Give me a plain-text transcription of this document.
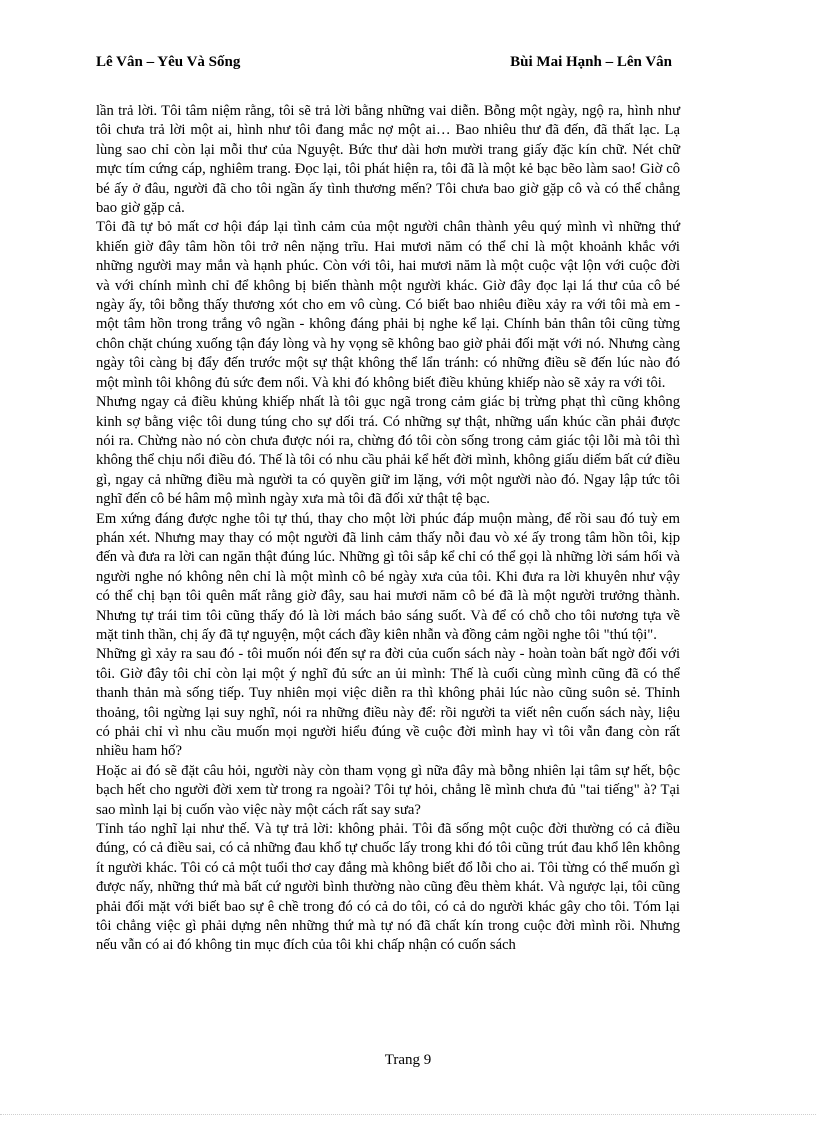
Lê Vân – Yêu Và Sống	Bùi Mai Hạnh – Lên Vân

lần trả lời. Tôi tâm niệm rằng, tôi sẽ trả lời bằng những vai diễn. Bỗng một ngày, ngộ ra, hình như tôi chưa trả lời một ai, hình như tôi đang mắc nợ một ai… Bao nhiêu thư đã đến, đã thất lạc. Lạ lùng sao chỉ còn lại mỗi thư của Nguyệt. Bức thư dài hơn mười trang giấy đặc kín chữ. Nét chữ mực tím cứng cáp, nghiêm trang. Đọc lại, tôi phát hiện ra, tôi đã là một kẻ bạc bẽo làm sao! Giờ cô bé ấy ở đâu, người đã cho tôi ngần ấy tình thương mến? Tôi chưa bao giờ gặp cô và có thể chẳng bao giờ gặp cả.

Tôi đã tự bỏ mất cơ hội đáp lại tình cảm của một người chân thành yêu quý mình vì những thứ khiến giờ đây tâm hồn tôi trở nên nặng trĩu. Hai mươi năm có thể chỉ là một khoảnh khắc với những người may mắn và hạnh phúc. Còn với tôi, hai mươi năm là một cuộc vật lộn với cuộc đời và với chính mình chỉ để không bị biến thành một người khác. Giờ đây đọc lại lá thư của cô bé ngày ấy, tôi bỗng thấy thương xót cho em vô cùng. Có biết bao nhiêu điều xảy ra với tôi mà em - một tâm hồn trong trắng vô ngần - không đáng phải bị nghe kể lại. Chính bản thân tôi cũng từng chôn chặt chúng xuống tận đáy lòng và hy vọng sẽ không bao giờ phải đối mặt với nó. Nhưng càng ngày tôi càng bị đẩy đến trước một sự thật không thể lẩn tránh: có những điều sẽ đến lúc nào đó một mình tôi không đủ sức đem nổi. Và khi đó không biết điều khủng khiếp nào sẽ xảy ra với tôi.

Nhưng ngay cả điều khủng khiếp nhất là tôi gục ngã trong cảm giác bị trừng phạt thì cũng không kinh sợ bằng việc tôi dung túng cho sự dối trá. Có những sự thật, những uẩn khúc cần phải được nói ra. Chừng nào nó còn chưa được nói ra, chừng đó tôi còn sống trong cảm giác tội lỗi mà tôi thì không thể chịu nổi điều đó. Thế là tôi có nhu cầu phải kể hết đời mình, không giấu diếm bất cứ điều gì, ngay cả những điều mà người ta có quyền giữ im lặng, với một người nào đó. Ngay lập tức tôi nghĩ đến cô bé hâm mộ mình ngày xưa mà tôi đã đối xử thật tệ bạc.

Em xứng đáng được nghe tôi tự thú, thay cho một lời phúc đáp muộn màng, để rồi sau đó tuỳ em phán xét. Nhưng may thay có một người đã linh cảm thấy nỗi đau vò xé ấy trong tâm hồn tôi, kịp đến và đưa ra lời can ngăn thật đúng lúc. Những gì tôi sắp kể chỉ có thể gọi là những lời sám hối và người nghe nó không nên chỉ là một mình cô bé ngày xưa của tôi. Khi đưa ra lời khuyên như vậy có thể chị bạn tôi quên mất rằng giờ đây, sau hai mươi năm cô bé đã là một người trưởng thành. Nhưng tự trái tim tôi cũng thấy đó là lời mách bảo sáng suốt. Và để có chỗ cho tôi nương tựa về mặt tinh thần, chị ấy đã tự nguyện, một cách đầy kiên nhẫn và đồng cảm ngồi nghe tôi "thú tội".

Những gì xảy ra sau đó - tôi muốn nói đến sự ra đời của cuốn sách này - hoàn toàn bất ngờ đối với tôi. Giờ đây tôi chỉ còn lại một ý nghĩ đủ sức an ủi mình: Thế là cuối cùng mình cũng đã có thể thanh thản mà sống tiếp. Tuy nhiên mọi việc diễn ra thì không phải lúc nào cũng suôn sẻ. Thỉnh thoảng, tôi ngừng lại suy nghĩ, nói ra những điều này để: rồi người ta viết nên cuốn sách này, liệu có phải chỉ vì nhu cầu muốn mọi người hiểu đúng về cuộc đời mình hay vì tôi vẫn đang còn rất nhiều ham hố?

Hoặc ai đó sẽ đặt câu hỏi, người này còn tham vọng gì nữa đây mà bỗng nhiên lại tâm sự hết, bộc bạch hết cho người đời xem từ trong ra ngoài? Tôi tự hỏi, chẳng lẽ mình chưa đủ "tai tiếng" à? Tại sao mình lại bị cuốn vào việc này một cách rất say sưa?

Tỉnh táo nghĩ lại như thế. Và tự trả lời: không phải. Tôi đã sống một cuộc đời thường có cả điều đúng, có cả điều sai, có cả những đau khổ tự chuốc lấy trong khi đó tôi cũng trút đau khổ lên không ít người khác. Tôi có cả một tuổi thơ cay đắng mà không biết đổ lỗi cho ai. Tôi từng có thể muốn gì được nấy, những thứ mà bất cứ người bình thường nào cũng đều thèm khát. Và ngược lại, tôi cũng phải đối mặt với biết bao sự ê chề trong đó có cả do tôi, có cả do người khác gây cho tôi. Tóm lại tôi chẳng việc gì phải dựng nên những thứ mà tự nó đã chất kín trong cuộc đời mình rồi. Nhưng nếu vẫn có ai đó không tin mục đích của tôi khi chấp nhận có cuốn sách

Trang 9
